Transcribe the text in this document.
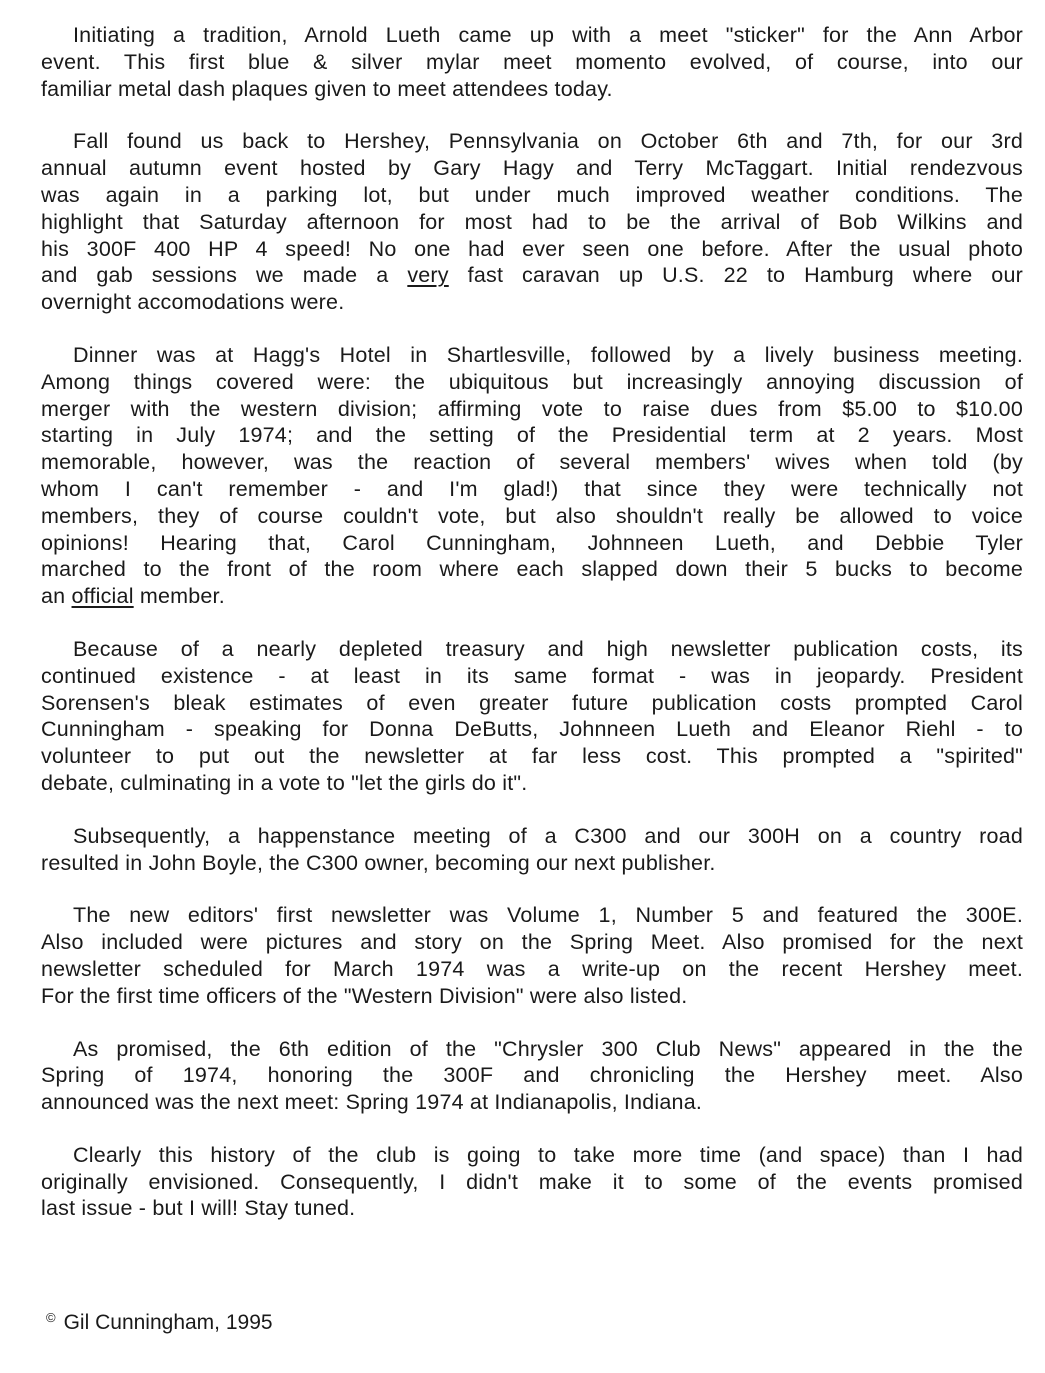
Initiating a tradition, Arnold Lueth came up with a meet "sticker" for the Ann Arbor
event. This first blue & silver mylar meet momento evolved, of course, into our
familiar metal dash plaques given to meet attendees today.
Fall found us back to Hershey, Pennsylvania on October 6th and 7th, for our 3rd
annual autumn event hosted by Gary Hagy and Terry McTaggart. Initial rendezvous
was again in a parking lot, but under much improved weather conditions. The
highlight that Saturday afternoon for most had to be the arrival of Bob Wilkins and
his 300F 400 HP 4 speed! No one had ever seen one before. After the usual photo
and gab sessions we made a very fast caravan up U.S. 22 to Hamburg where our
overnight accomodations were.
Dinner was at Hagg's Hotel in Shartlesville, followed by a lively business meeting.
Among things covered were: the ubiquitous but increasingly annoying discussion of
merger with the western division; affirming vote to raise dues from $5.00 to $10.00
starting in July 1974; and the setting of the Presidential term at 2 years. Most
memorable, however, was the reaction of several members' wives when told (by
whom I can't remember - and I'm glad!) that since they were technically not
members, they of course couldn't vote, but also shouldn't really be allowed to voice
opinions! Hearing that, Carol Cunningham, Johnneen Lueth, and Debbie Tyler
marched to the front of the room where each slapped down their 5 bucks to become
an official member.
Because of a nearly depleted treasury and high newsletter publication costs, its
continued existence - at least in its same format - was in jeopardy. President
Sorensen's bleak estimates of even greater future publication costs prompted Carol
Cunningham - speaking for Donna DeButts, Johnneen Lueth and Eleanor Riehl - to
volunteer to put out the newsletter at far less cost. This prompted a "spirited"
debate, culminating in a vote to "let the girls do it".
Subsequently, a happenstance meeting of a C300 and our 300H on a country road
resulted in John Boyle, the C300 owner, becoming our next publisher.
The new editors' first newsletter was Volume 1, Number 5 and featured the 300E.
Also included were pictures and story on the Spring Meet. Also promised for the next
newsletter scheduled for March 1974 was a write-up on the recent Hershey meet.
For the first time officers of the "Western Division" were also listed.
As promised, the 6th edition of the "Chrysler 300 Club News" appeared in the the
Spring of 1974, honoring the 300F and chronicling the Hershey meet. Also
announced was the next meet: Spring 1974 at Indianapolis, Indiana.
Clearly this history of the club is going to take more time (and space) than I had
originally envisioned. Consequently, I didn't make it to some of the events promised
last issue - but I will! Stay tuned.
© Gil Cunningham, 1995
